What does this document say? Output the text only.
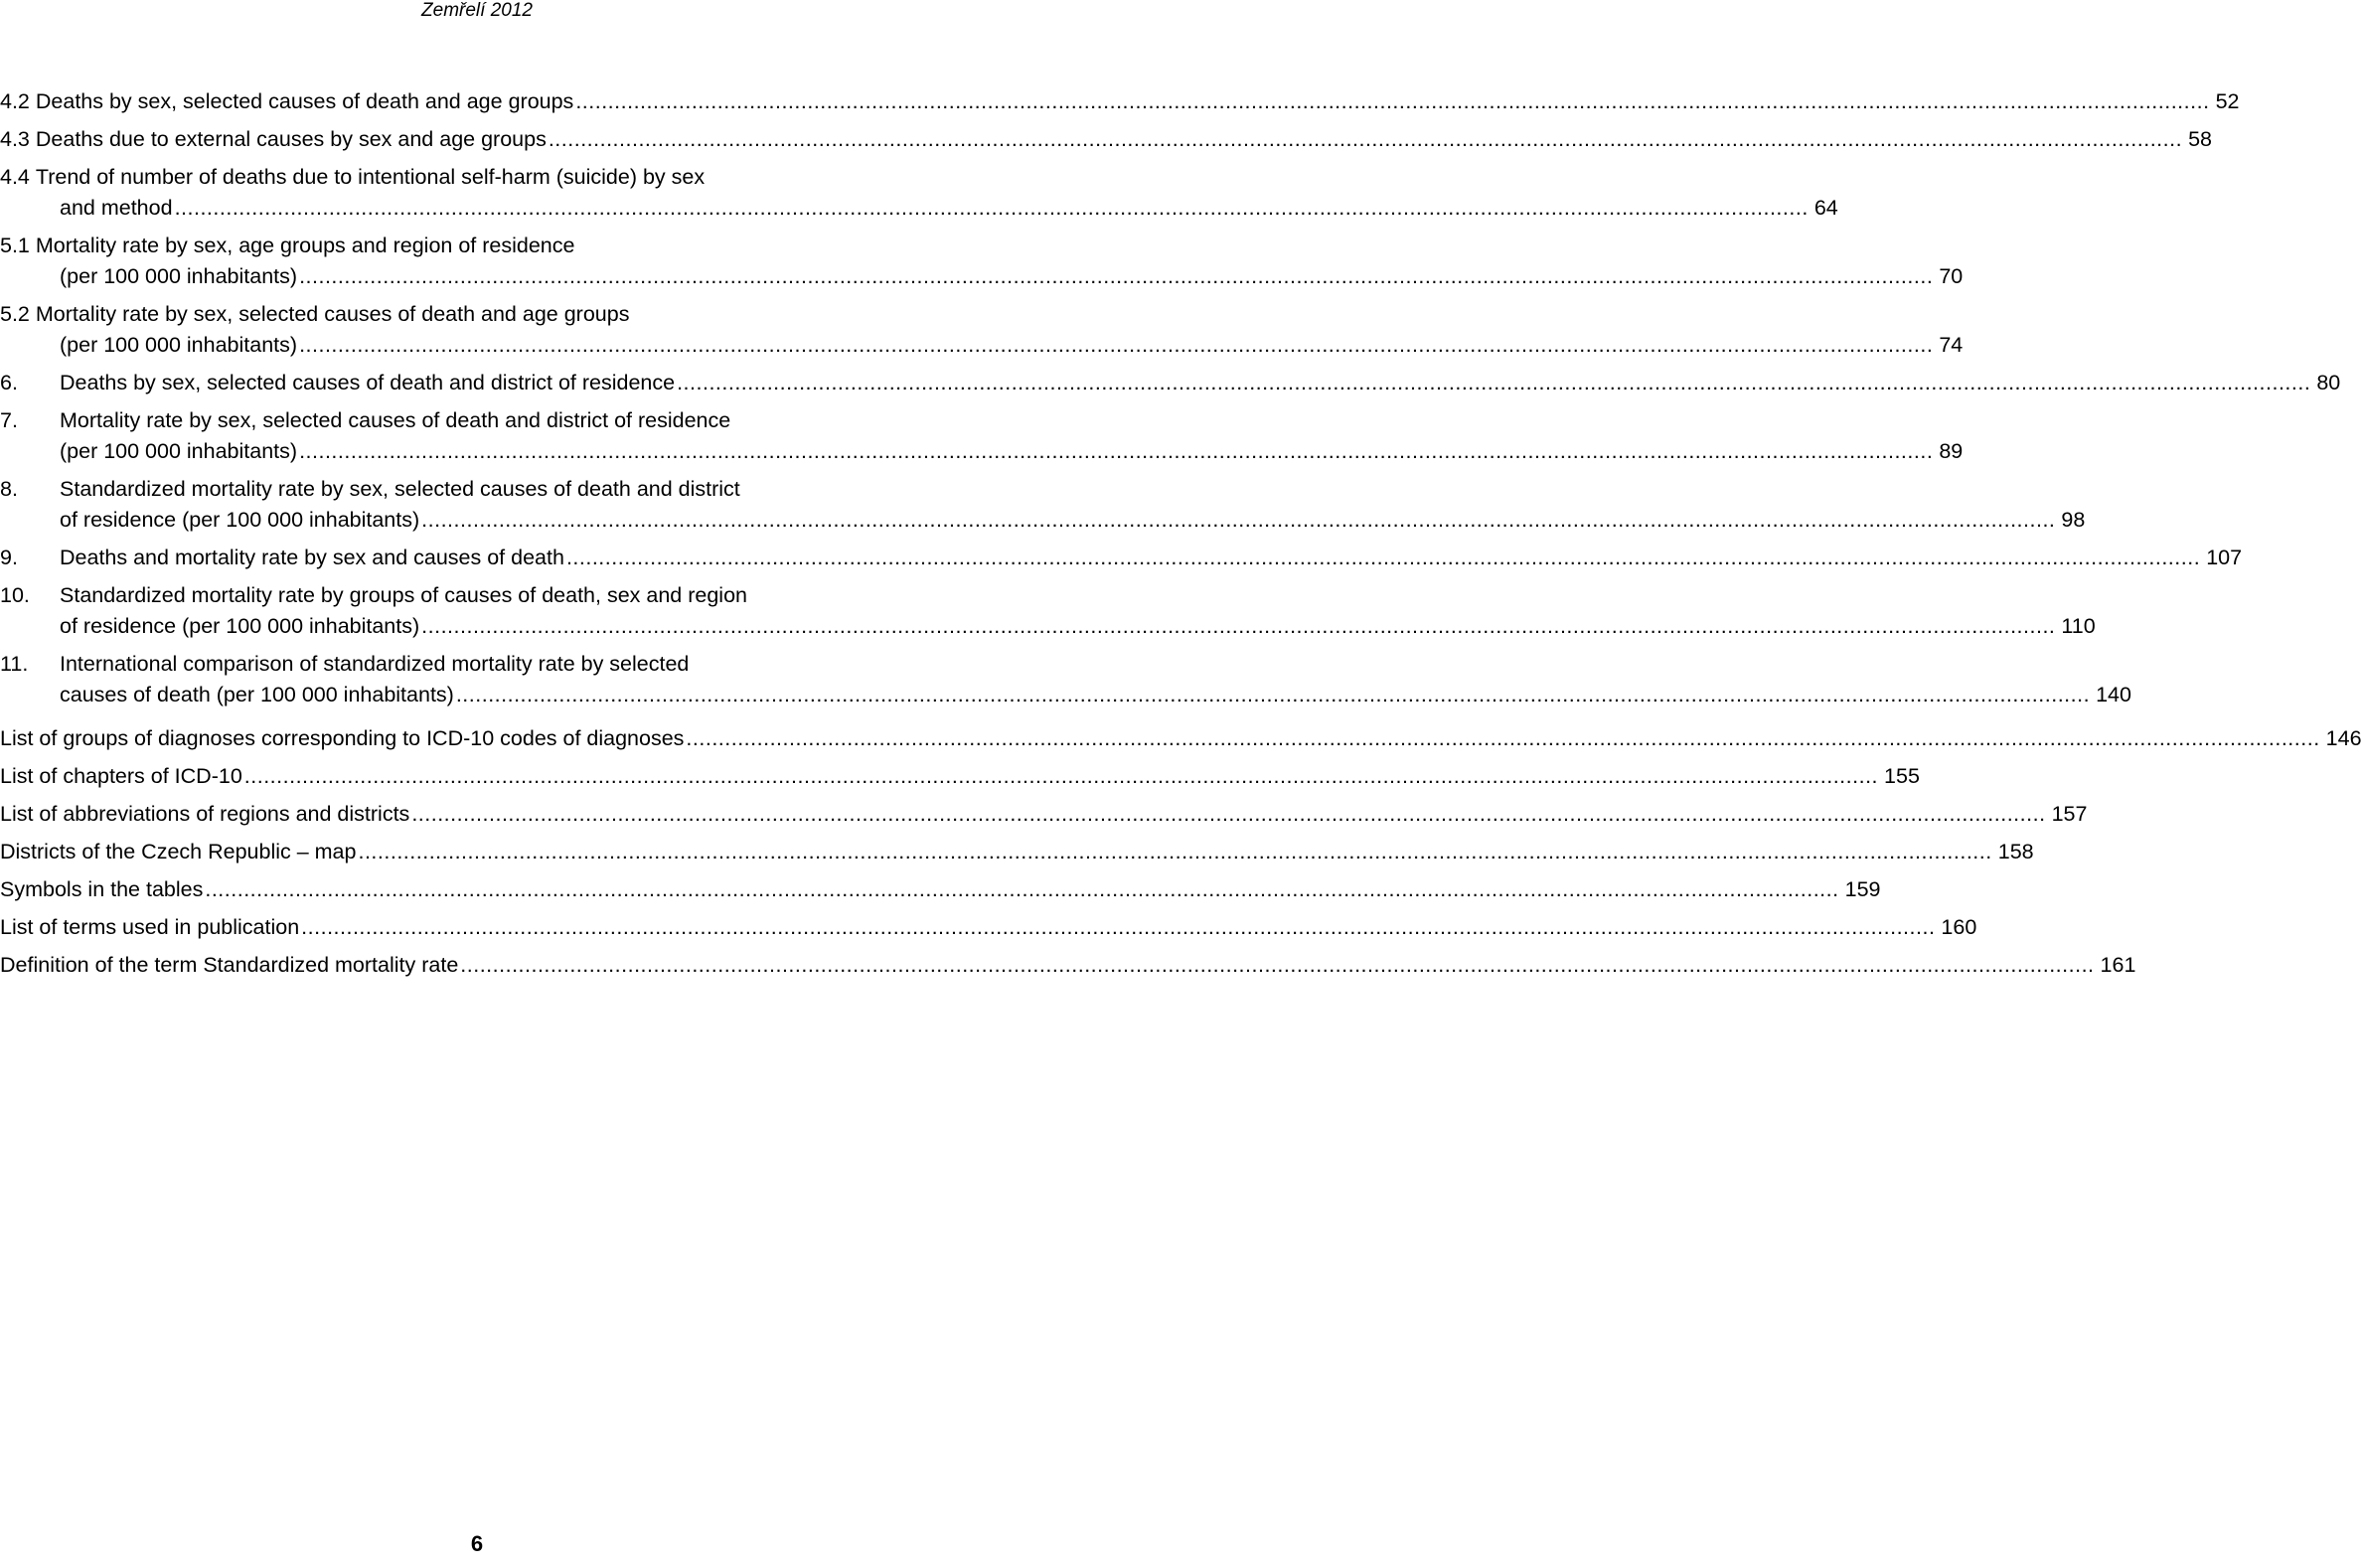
Zemřelí 2012
4.2 Deaths by sex, selected causes of death and age groups .....	52
4.3 Deaths due to external causes by sex and age groups .....	58
4.4 Trend of number of deaths due to intentional self-harm (suicide) by sex
and method .....	64
5.1 Mortality rate by sex, age groups and region of residence
(per 100 000 inhabitants) .....	70
5.2 Mortality rate by sex, selected causes of death and age groups
(per 100 000 inhabitants) .....	74
6.	Deaths by sex, selected causes of death and district of residence .....	80
7.	Mortality rate by sex, selected causes of death and district of residence
(per 100 000 inhabitants) .....	89
8.	Standardized mortality rate by sex, selected causes of death and district
of residence (per 100 000 inhabitants) .....	98
9.	Deaths and mortality rate by sex and causes of death .....	107
10.	Standardized mortality rate by groups of causes of death, sex and region
of residence (per 100 000 inhabitants) .....	110
11.	International comparison of standardized mortality rate by selected
causes of death (per 100 000 inhabitants) .....	140
List of groups of diagnoses corresponding to ICD-10 codes of diagnoses .....	146
List of chapters of ICD-10 .....	155
List of abbreviations of regions and districts .....	157
Districts of the Czech Republic – map .....	158
Symbols in the tables .....	159
List of terms used in publication .....	160
Definition of the term Standardized mortality rate .....	161
6
